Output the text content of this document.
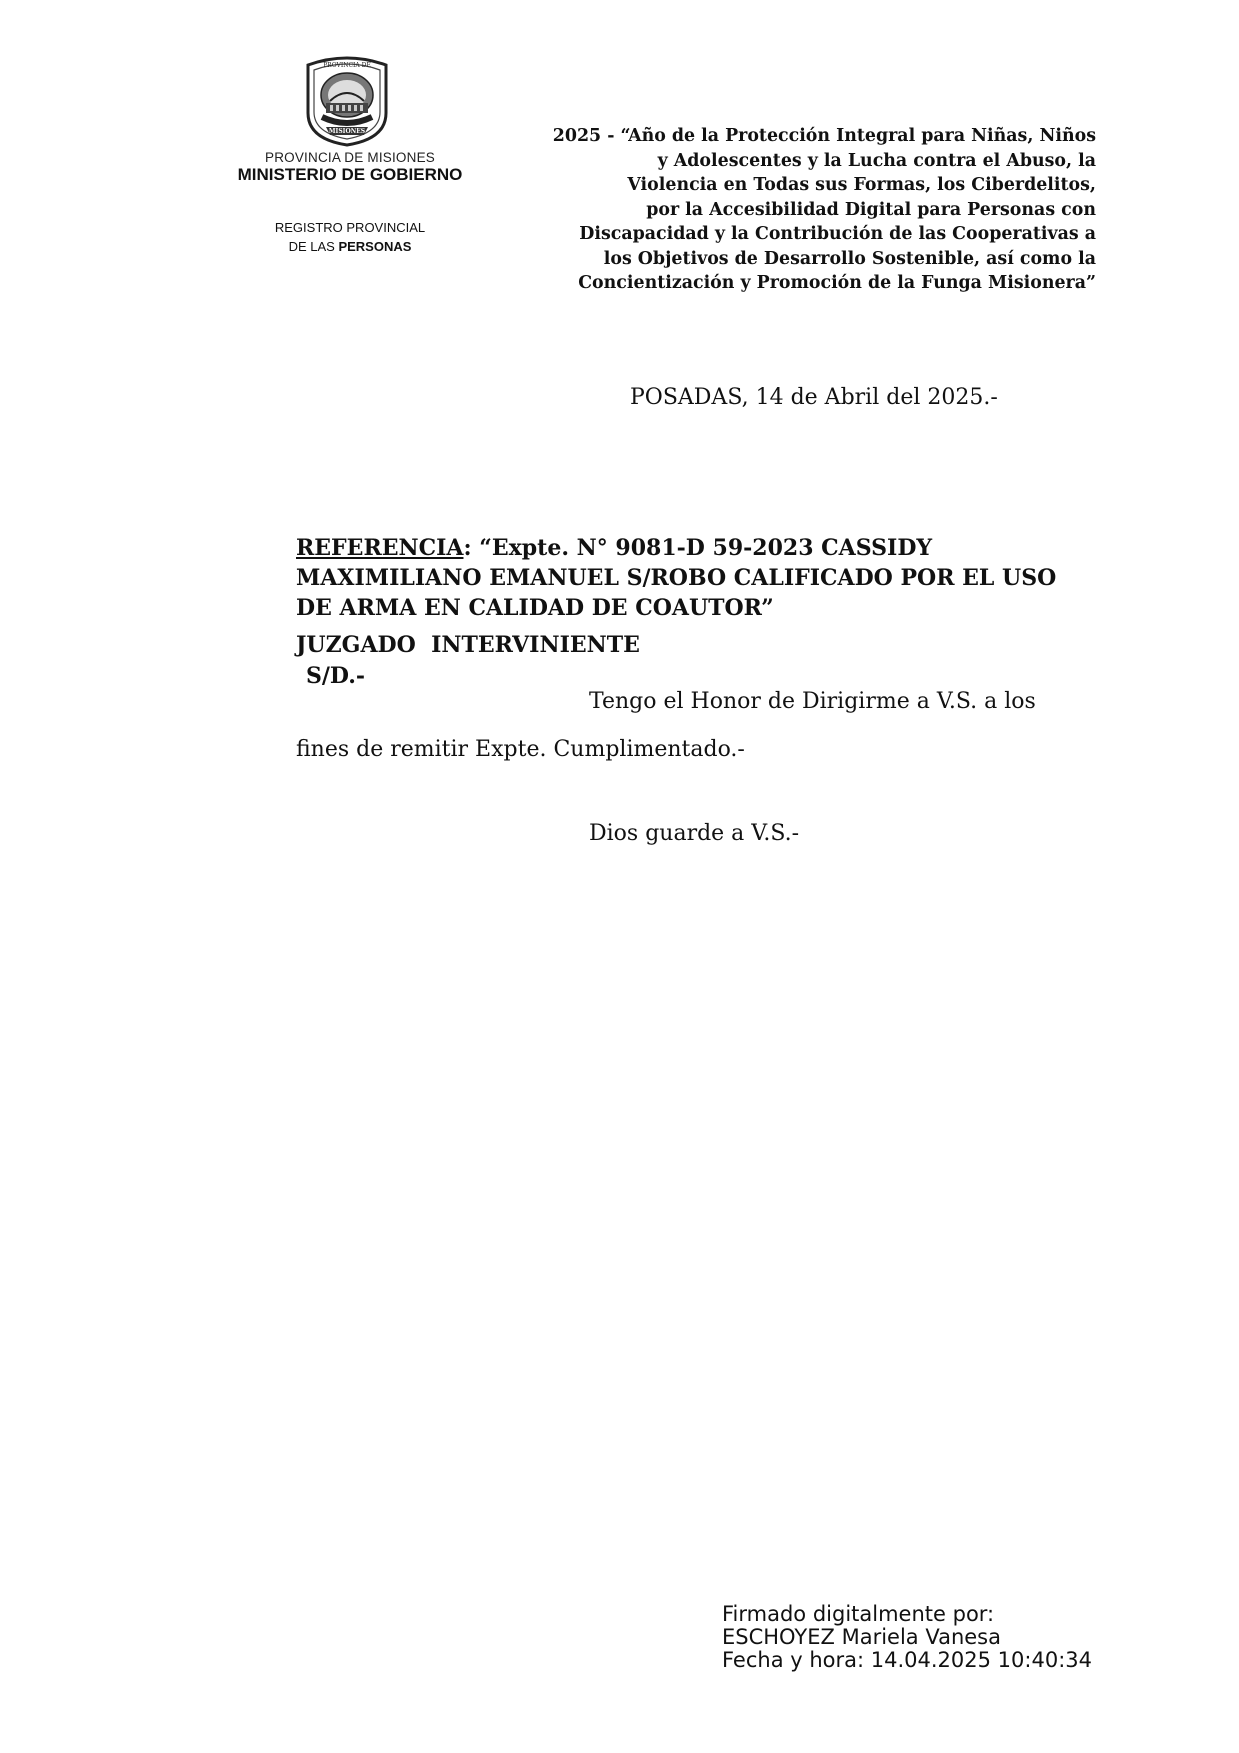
PROVINCIA DE
MISIONES
PROVINCIA DE MISIONES
MINISTERIO DE GOBIERNO
REGISTRO PROVINCIAL
DE LAS PERSONAS
2025 - “Año de la Protección Integral para Niñas, Niños
y Adolescentes y la Lucha contra el Abuso, la
Violencia en Todas sus Formas, los Ciberdelitos,
por la Accesibilidad Digital para Personas con
Discapacidad y la Contribución de las Cooperativas a
los Objetivos de Desarrollo Sostenible, así como la
Concientización y Promoción de la Funga Misionera”
POSADAS, 14 de Abril del 2025.-
REFERENCIA: “Expte. N° 9081-D 59-2023 CASSIDY
MAXIMILIANO EMANUEL S/ROBO CALIFICADO POR EL USO
DE ARMA EN CALIDAD DE COAUTOR”
JUZGADO  INTERVINIENTE
S/D.-
Tengo el Honor de Dirigirme a V.S. a los
fines de remitir Expte. Cumplimentado.-
Dios guarde a V.S.-
Firmado digitalmente por:
ESCHOYEZ Mariela Vanesa
Fecha y hora: 14.04.2025 10:40:34
